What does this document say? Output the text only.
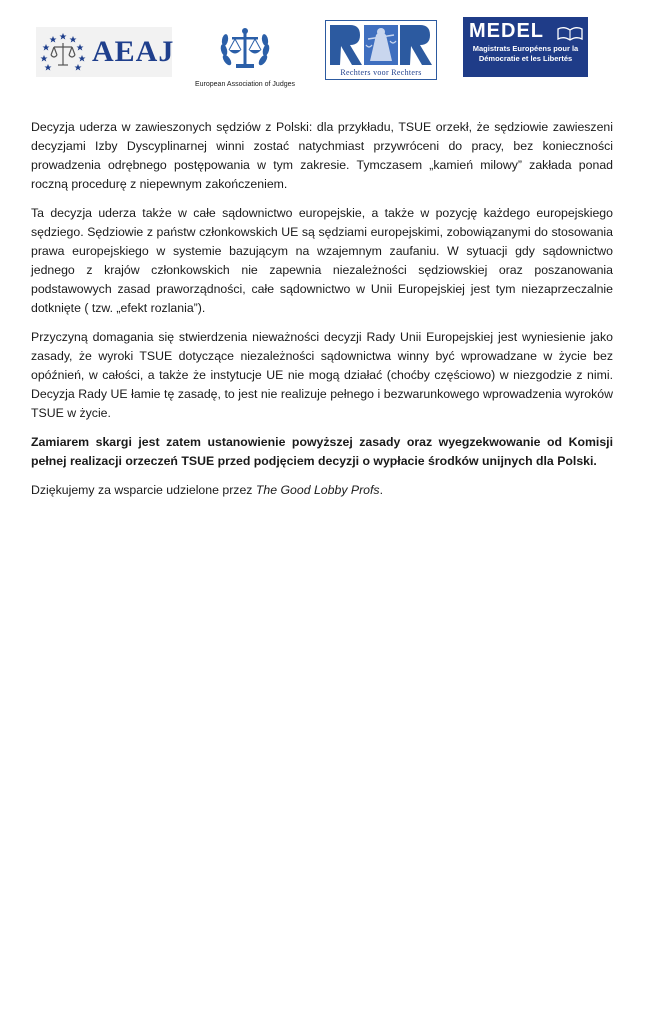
AEAJ
European Association of Judges
Rechters voor Rechters
MEDEL
Magistrats Européens pour la
Démocratie et les Libertés

Decyzja uderza w zawieszonych sędziów z Polski: dla przykładu, TSUE orzekł, że sędziowie zawieszeni decyzjami Izby Dyscyplinarnej winni zostać natychmiast przywróceni do pracy, bez konieczności prowadzenia odrębnego postępowania w tym zakresie. Tymczasem „kamień milowy” zakłada ponad roczną procedurę z niepewnym zakończeniem.

Ta decyzja uderza także w całe sądownictwo europejskie, a także w pozycję każdego europejskiego sędziego. Sędziowie z państw członkowskich UE są sędziami europejskimi, zobowiązanymi do stosowania prawa europejskiego w systemie bazującym na wzajemnym zaufaniu. W sytuacji gdy sądownictwo jednego z krajów członkowskich nie zapewnia niezależności sędziowskiej oraz poszanowania podstawowych zasad praworządności, całe sądownictwo w Unii Europejskiej jest tym niezaprzeczalnie dotknięte ( tzw. „efekt rozlania”).

Przyczyną domagania się stwierdzenia nieważności decyzji Rady Unii Europejskiej jest wyniesienie jako zasady, że wyroki TSUE dotyczące niezależności sądownictwa winny być wprowadzane w życie bez opóźnień, w całości, a także że instytucje UE nie mogą działać (choćby częściowo) w niezgodzie z nimi. Decyzja Rady UE łamie tę zasadę, to jest nie realizuje pełnego i bezwarunkowego wprowadzenia wyroków TSUE w życie.

Zamiarem skargi jest zatem ustanowienie powyższej zasady oraz wyegzekwowanie od Komisji pełnej realizacji orzeczeń TSUE przed podjęciem decyzji o wypłacie środków unijnych dla Polski.

Dziękujemy za wsparcie udzielone przez The Good Lobby Profs.
